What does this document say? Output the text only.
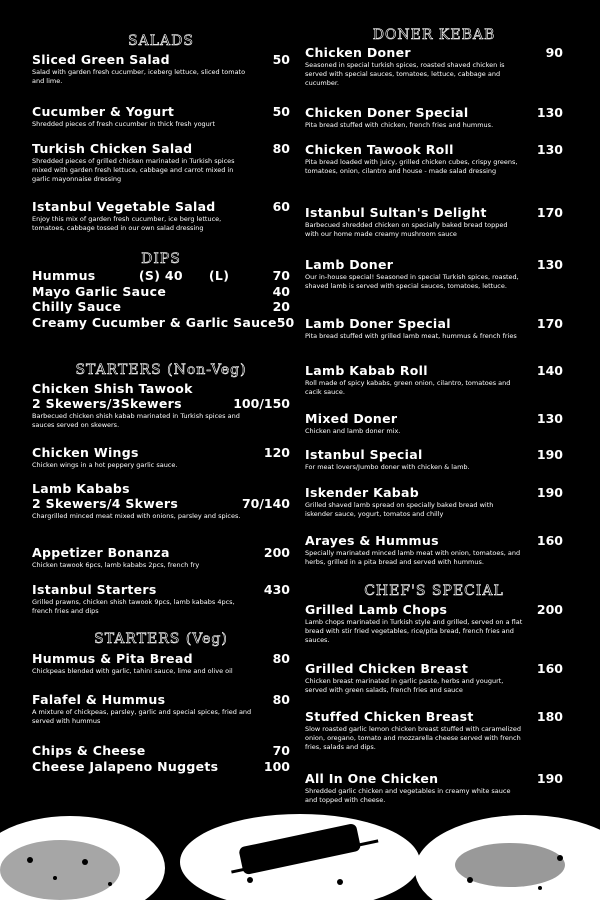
SALADS
Sliced Green Salad	50
Salad with garden fresh cucumber, iceberg lettuce, sliced tomato and lime.
Cucumber & Yogurt	50
Shredded pieces of fresh cucumber in thick fresh yogurt
Turkish Chicken Salad	80
Shredded pieces of grilled chicken marinated in Turkish spices mixed with garden fresh lettuce, cabbage and carrot mixed in garlic mayonnaise dressing
Istanbul Vegetable Salad	60
Enjoy this mix of garden fresh cucumber, ice berg lettuce, tomatoes, cabbage tossed in our own salad dressing
DIPS
Hummus	(S) 40 (L)	70
Mayo Garlic Sauce	40
Chilly Sauce	20
Creamy Cucumber & Garlic Sauce 50
STARTERS (Non-Veg)
Chicken Shish Tawook
2 Skewers/3Skewers	100/150
Barbecued chicken shish kabab marinated in Turkish spices and sauces served on skewers.
Chicken Wings	120
Chicken wings in a hot peppery garlic sauce.
Lamb Kababs
2 Skewers/4 Skwers	70/140
Chargrilled minced meat mixed with onions, parsley and spices.
Appetizer Bonanza	200
Chicken tawook 6pcs, lamb kababs 2pcs, french fry
Istanbul Starters	430
Grilled prawns, chicken shish tawook 9pcs, lamb kababs 4pcs, french fries and dips
STARTERS (Veg)
Hummus & Pita Bread	80
Chickpeas blended with garlic, tahini sauce, lime and olive oil
Falafel & Hummus	80
A mixture of chickpeas, parsley, garlic and special spices, fried and served with hummus
Chips & Cheese	70
Cheese Jalapeno Nuggets	100
DONER KEBAB
Chicken Doner	90
Seasoned in special turkish spices, roasted shaved chicken is served with special sauces, tomatoes, lettuce, cabbage and cucumber.
Chicken Doner Special	130
Pita bread stuffed with chicken, french fries and hummus.
Chicken Tawook Roll	130
Pita bread loaded with juicy, grilled chicken cubes, crispy greens, tomatoes, onion, cilantro and house - made salad dressing
Istanbul Sultan's Delight	170
Barbecued shredded chicken on specially baked bread topped with our home made creamy mushroom sauce
Lamb Doner	130
Our in-house special! Seasoned in special Turkish spices, roasted, shaved lamb is served with special sauces, tomatoes, lettuce.
Lamb Doner Special	170
Pita bread stuffed with grilled lamb meat, hummus & french fries
Lamb Kabab Roll	140
Roll made of spicy kababs, green onion, cilantro, tomatoes and cacik sauce.
Mixed Doner	130
Chicken and lamb doner mix.
Istanbul Special	190
For meat lovers/Jumbo doner with chicken & lamb.
Iskender Kabab	190
Grilled shaved lamb spread on specially baked bread with iskender sauce, yogurt, tomatos and chilly
Arayes & Hummus	160
Specially marinated minced lamb meat with onion, tomatoes, and herbs, grilled in a pita bread and served with hummus.
CHEF'S SPECIAL
Grilled Lamb Chops	200
Lamb chops marinated in Turkish style and grilled, served on a flat bread with stir fried vegetables, rice/pita bread, french fries and sauces.
Grilled Chicken Breast	160
Chicken breast marinated in garlic paste, herbs and yougurt, served with green salads, french fries and sauce
Stuffed Chicken Breast	180
Slow roasted garlic lemon chicken breast stuffed with caramelized onion, oregano, tomato and mozzarella cheese served with french fries, salads and dips.
All In One Chicken	190
Shredded garlic chicken and vegetables in creamy white sauce and topped with cheese.
